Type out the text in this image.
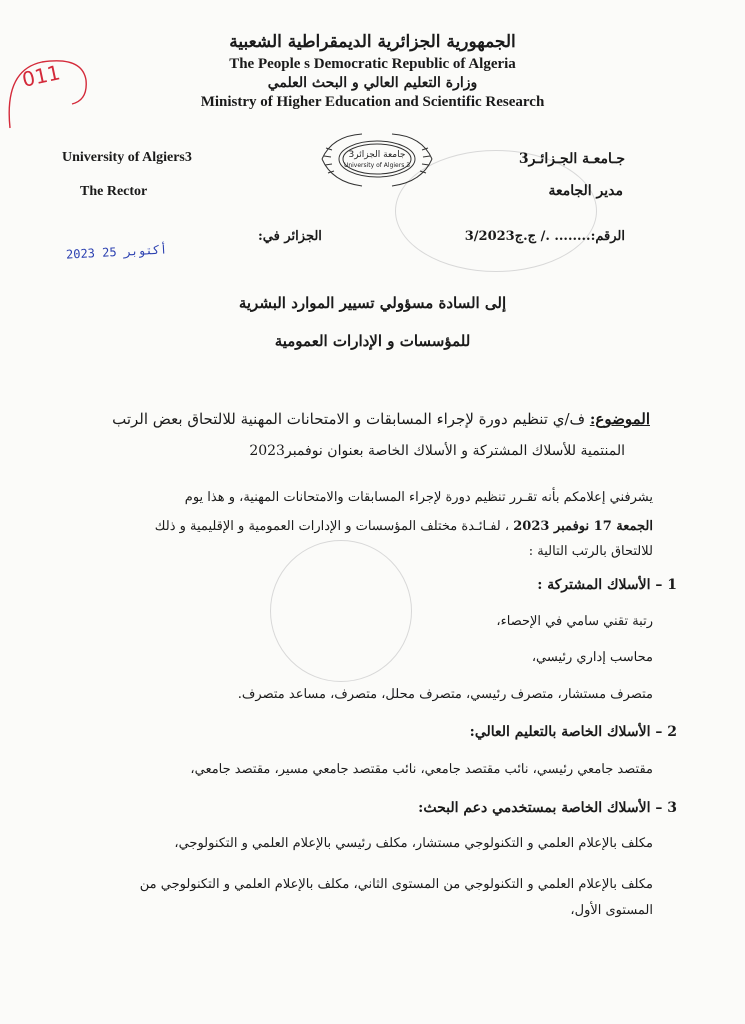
الجمهورية الجزائرية الديمقراطية الشعبية
The People s Democratic Republic of Algeria
وزارة التعليم العالي و البحث العلمي
Ministry of Higher Education and Scientific Research
011
University of Algiers3
The Rector
جـامعـة الجـزائـر3
مدير الجامعة
جامعة الجزائر3
University of Algiers 3
الرقم:.....‎...‎ ./ ج.ج3/2023
الجزائر في:
2023 أكتوبر 25
إلى السادة مسؤولي تسيير الموارد البشرية
للمؤسسات و الإدارات العمومية
الموضوع: ف/ي تنظيم دورة لإجراء المسابقات و الامتحانات المهنية للالتحاق بعض الرتب
المنتمية للأسلاك المشتركة و الأسلاك الخاصة بعنوان نوفمبر2023
يشرفني إعلامكم بأنه تقـرر تنظيم دورة لإجراء المسابقات والامتحانات المهنية، و هذا يوم
الجمعة 17 نوفمبر 2023 ، لفـائـدة مختلف المؤسسات و الإدارات العمومية و الإقليمية و ذلك
للالتحاق بالرتب التالية :
1 – الأسلاك المشتركة :
رتبة تقني سامي في الإحصاء،
محاسب إداري رئيسي،
متصرف مستشار، متصرف رئيسي، متصرف محلل، متصرف، مساعد متصرف.
2 – الأسلاك الخاصة بالتعليم العالي:
مقتصد جامعي رئيسي، نائب مقتصد جامعي، نائب مقتصد جامعي مسير، مقتصد جامعي،
3 – الأسلاك الخاصة بمستخدمي دعم البحث:
مكلف بالإعلام العلمي و التكنولوجي مستشار، مكلف رئيسي بالإعلام العلمي و التكنولوجي،
مكلف بالإعلام العلمي و التكنولوجي من المستوى الثاني، مكلف بالإعلام العلمي و التكنولوجي من
المستوى الأول،
